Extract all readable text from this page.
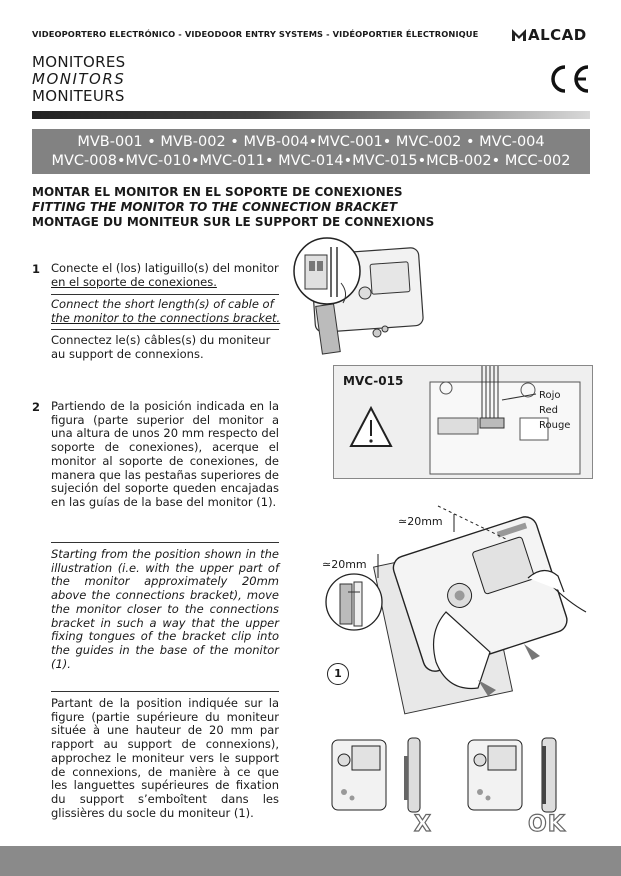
VIDEOPORTERO ELECTRÓNICO - VIDEODOOR ENTRY SYSTEMS - VIDÉOPORTIER ÉLECTRONIQUE	ALCAD
MONITORES
MONITORS
MONITEURS
MVB-001 • MVB-002 • MVB-004•MVC-001• MVC-002 • MVC-004
MVC-008•MVC-010•MVC-011• MVC-014•MVC-015•MCB-002• MCC-002
MONTAR EL MONITOR EN EL SOPORTE DE CONEXIONES
FITTING THE MONITOR TO THE CONNECTION BRACKET
MONTAGE DU MONITEUR SUR LE SUPPORT DE CONNEXIONS
1 Conecte el (los) latiguillo(s) del monitor
en el soporte de conexiones.
Connect the short length(s) of cable of
the monitor to the connections bracket.
Connectez le(s) câbles(s) du moniteur
au support de connexions.
MVC-015
Rojo
Red
Rouge
2 Partiendo de la posición indicada en la figura (parte superior del monitor a una altura de unos 20 mm respecto del soporte de conexiones), acerque el monitor al soporte de conexiones, de manera que las pestañas superiores de sujeción del soporte queden encajadas en las guías de la base del monitor (1).
Starting from the position shown in the illustration (i.e. with the upper part of the monitor approximately 20mm above the connections bracket), move the monitor closer to the connections bracket in such a way that the upper fixing tongues of the bracket clip into the guides in the base of the monitor (1).
Partant de la position indiquée sur la figure (partie supérieure du moniteur située à une hauteur de 20 mm par rapport au support de connexions), approchez le moniteur vers le support de connexions, de manière à ce que les languettes supérieures de fixation du support s’emboîtent dans les glissières du socle du moniteur (1).
≃20mm
≃20mm
1
X	OK
